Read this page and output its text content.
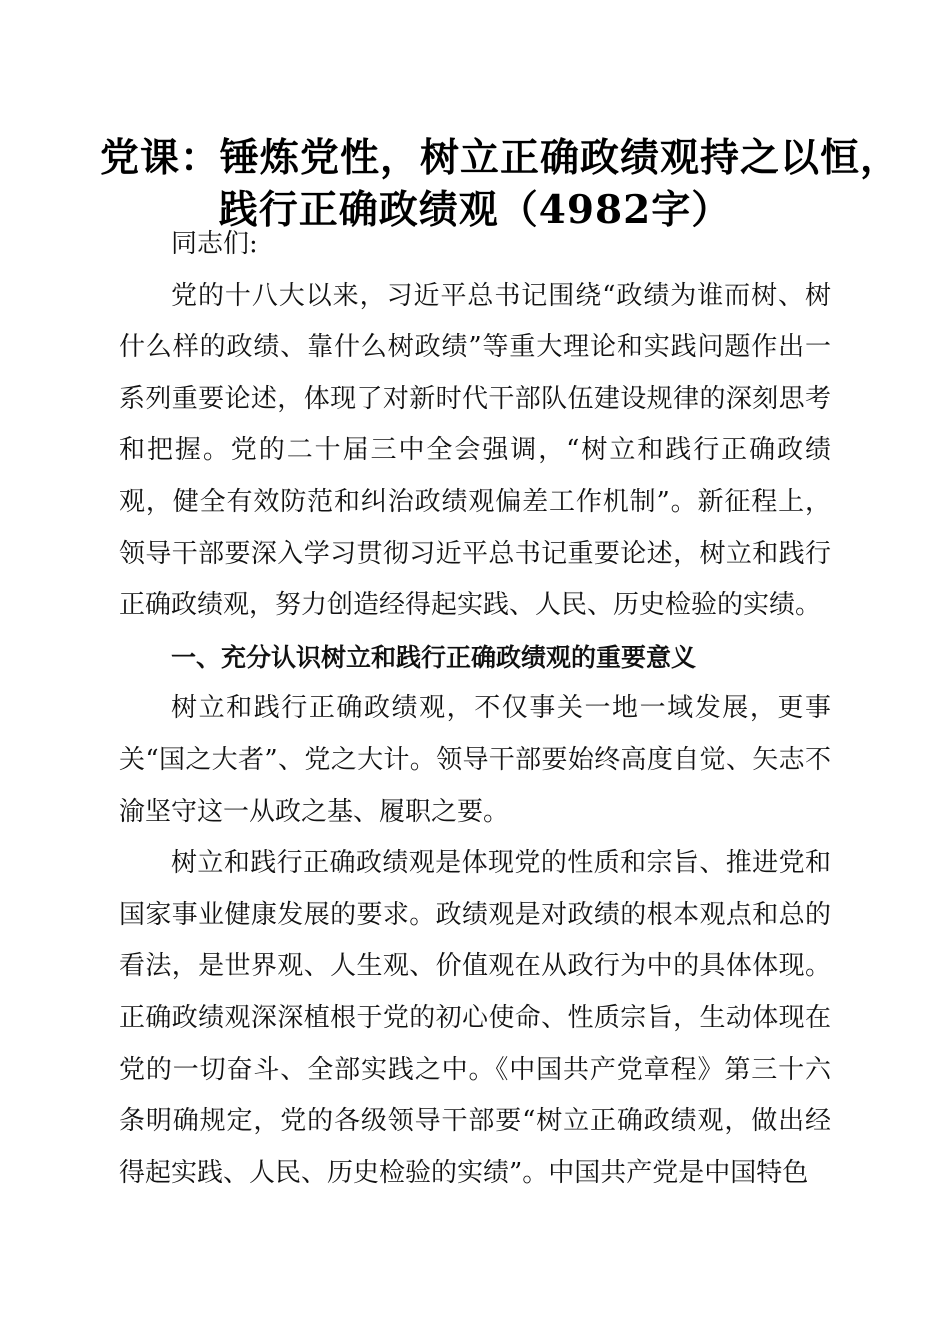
党课：锤炼党性，树立正确政绩观持之以恒，
践行正确政绩观（4982字）

同志们:

党的十八大以来，习近平总书记围绕“政绩为谁而树、树什么样的政绩、靠什么树政绩”等重大理论和实践问题作出一系列重要论述，体现了对新时代干部队伍建设规律的深刻思考和把握。党的二十届三中全会强调，“树立和践行正确政绩观，健全有效防范和纠治政绩观偏差工作机制”。新征程上，领导干部要深入学习贯彻习近平总书记重要论述，树立和践行正确政绩观，努力创造经得起实践、人民、历史检验的实绩。

一、充分认识树立和践行正确政绩观的重要意义

树立和践行正确政绩观，不仅事关一地一域发展，更事关“国之大者”、党之大计。领导干部要始终高度自觉、矢志不渝坚守这一从政之基、履职之要。

树立和践行正确政绩观是体现党的性质和宗旨、推进党和国家事业健康发展的要求。政绩观是对政绩的根本观点和总的看法，是世界观、人生观、价值观在从政行为中的具体体现。正确政绩观深深植根于党的初心使命、性质宗旨，生动体现在党的一切奋斗、全部实践之中。《中国共产党章程》第三十六条明确规定，党的各级领导干部要“树立正确政绩观，做出经得起实践、人民、历史检验的实绩”。中国共产党是中国特色
